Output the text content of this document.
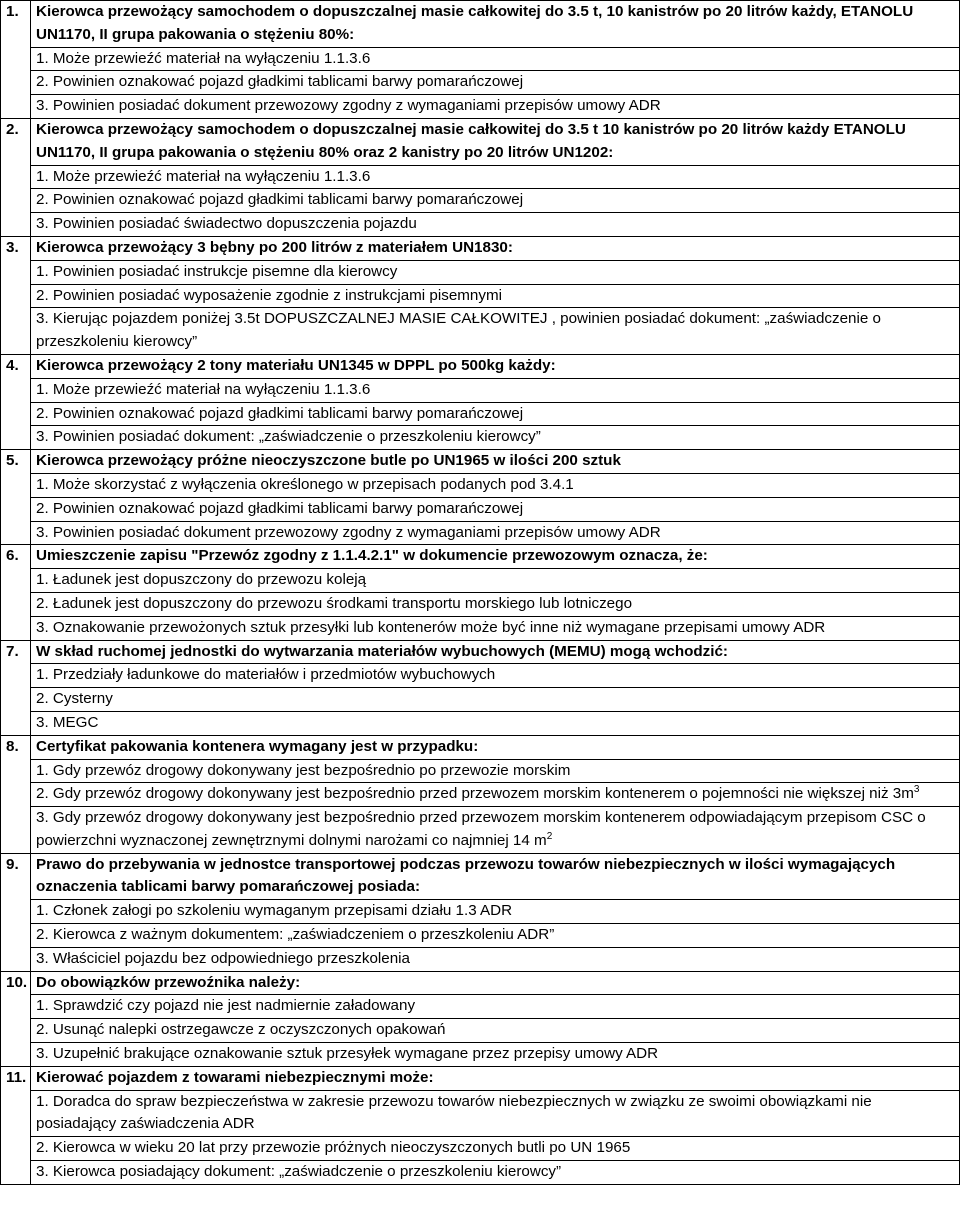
1.	Kierowca przewożący samochodem o dopuszczalnej masie całkowitej do 3.5 t, 10 kanistrów po 20 litrów każdy, ETANOLU UN1170, II grupa pakowania o stężeniu 80%:
	1. Może przewieźć materiał na wyłączeniu 1.1.3.6
	2. Powinien oznakować pojazd gładkimi tablicami barwy pomarańczowej
	3. Powinien posiadać dokument przewozowy zgodny z wymaganiami przepisów umowy ADR
2.	Kierowca przewożący samochodem o dopuszczalnej masie całkowitej do 3.5 t 10 kanistrów po 20 litrów każdy ETANOLU UN1170, II grupa pakowania o stężeniu 80% oraz 2 kanistry po 20 litrów UN1202:
	1. Może przewieźć materiał na wyłączeniu 1.1.3.6
	2. Powinien oznakować pojazd gładkimi tablicami barwy pomarańczowej
	3. Powinien posiadać świadectwo dopuszczenia pojazdu
3.	Kierowca przewożący 3 bębny po 200 litrów z materiałem UN1830:
	1. Powinien posiadać instrukcje pisemne dla kierowcy
	2. Powinien posiadać wyposażenie zgodnie z instrukcjami pisemnymi
	3. Kierując pojazdem poniżej 3.5t DOPUSZCZALNEJ MASIE CAŁKOWITEJ , powinien posiadać dokument: „zaświadczenie o przeszkoleniu kierowcy”
4.	Kierowca przewożący 2 tony materiału UN1345 w DPPL po 500kg każdy:
	1. Może przewieźć materiał na wyłączeniu 1.1.3.6
	2. Powinien oznakować pojazd gładkimi tablicami barwy pomarańczowej
	3. Powinien posiadać dokument: „zaświadczenie o przeszkoleniu kierowcy”
5.	Kierowca przewożący próżne nieoczyszczone butle po UN1965 w ilości 200 sztuk
	1. Może skorzystać z wyłączenia określonego w przepisach podanych pod 3.4.1
	2. Powinien oznakować pojazd gładkimi tablicami barwy pomarańczowej
	3. Powinien posiadać dokument przewozowy zgodny z wymaganiami przepisów umowy ADR
6.	Umieszczenie zapisu "Przewóz zgodny z 1.1.4.2.1" w dokumencie przewozowym oznacza, że:
	1. Ładunek jest dopuszczony do przewozu koleją
	2. Ładunek jest dopuszczony do przewozu środkami transportu morskiego lub lotniczego
	3. Oznakowanie przewożonych sztuk przesyłki lub kontenerów może być inne niż wymagane przepisami umowy ADR
7.	W skład ruchomej jednostki do wytwarzania materiałów wybuchowych (MEMU) mogą wchodzić:
	1. Przedziały ładunkowe do materiałów i przedmiotów wybuchowych
	2. Cysterny
	3. MEGC
8.	Certyfikat pakowania kontenera wymagany jest w przypadku:
	1. Gdy przewóz drogowy dokonywany jest bezpośrednio po przewozie morskim
	2. Gdy przewóz drogowy dokonywany jest bezpośrednio przed przewozem morskim kontenerem o pojemności nie większej niż $3m^3$
	3. Gdy przewóz drogowy dokonywany jest bezpośrednio przed przewozem morskim kontenerem odpowiadającym przepisom CSC o powierzchni wyznaczonej zewnętrznymi dolnymi narożami co najmniej 14 $m^2$
9.	Prawo do przebywania w jednostce transportowej podczas przewozu towarów niebezpiecznych w ilości wymagających oznaczenia tablicami barwy pomarańczowej posiada:
	1. Członek załogi po szkoleniu wymaganym przepisami działu 1.3 ADR
	2. Kierowca z ważnym dokumentem: „zaświadczeniem o przeszkoleniu ADR”
	3. Właściciel pojazdu bez odpowiedniego przeszkolenia
10.	Do obowiązków przewoźnika należy:
	1. Sprawdzić czy pojazd nie jest nadmiernie załadowany
	2. Usunąć nalepki ostrzegawcze z oczyszczonych opakowań
	3. Uzupełnić brakujące oznakowanie sztuk przesyłek wymagane przez przepisy umowy ADR
11.	Kierować pojazdem z towarami niebezpiecznymi może:
	1. Doradca do spraw bezpieczeństwa w zakresie przewozu towarów niebezpiecznych w związku ze swoimi obowiązkami nie posiadający zaświadczenia ADR
	2. Kierowca w wieku 20 lat przy przewozie próżnych nieoczyszczonych butli po UN 1965
	3. Kierowca posiadający dokument: „zaświadczenie o przeszkoleniu kierowcy”
